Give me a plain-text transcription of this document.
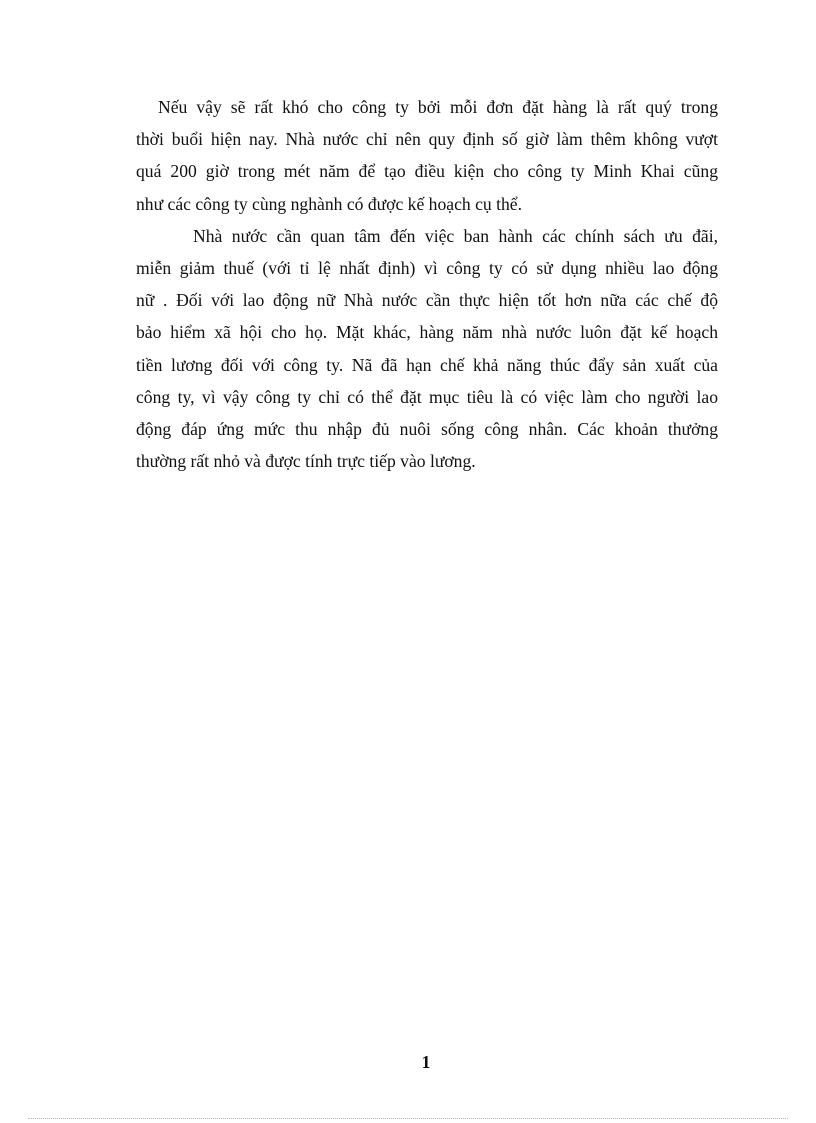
Nếu vậy sẽ rất khó cho công ty bởi mỗi đơn đặt hàng là rất quý trong
thời buổi hiện nay. Nhà nước chỉ nên quy định số giờ làm thêm không vượt
quá 200 giờ trong mét năm để tạo điều kiện cho công ty Minh Khai cũng
như các công ty cùng nghành có được kế hoạch cụ thể.
Nhà nước cần quan tâm đến việc ban hành các chính sách ưu đãi,
miễn giảm thuế (với tỉ lệ nhất định) vì công ty có sử dụng nhiều lao động
nữ . Đối với lao động nữ Nhà nước cần thực hiện tốt hơn nữa các chế độ
bảo hiểm xã hội cho họ. Mặt khác, hàng năm nhà nước luôn đặt kế hoạch
tiền lương đối với công ty. Nã đã hạn chế khả năng thúc đẩy sản xuất của
công ty, vì vậy công ty chỉ có thể đặt mục tiêu là có việc làm cho người lao
động đáp ứng mức thu nhập đủ nuôi sống công nhân. Các khoản thưởng
thường rất nhỏ và được tính trực tiếp vào lương.
1
